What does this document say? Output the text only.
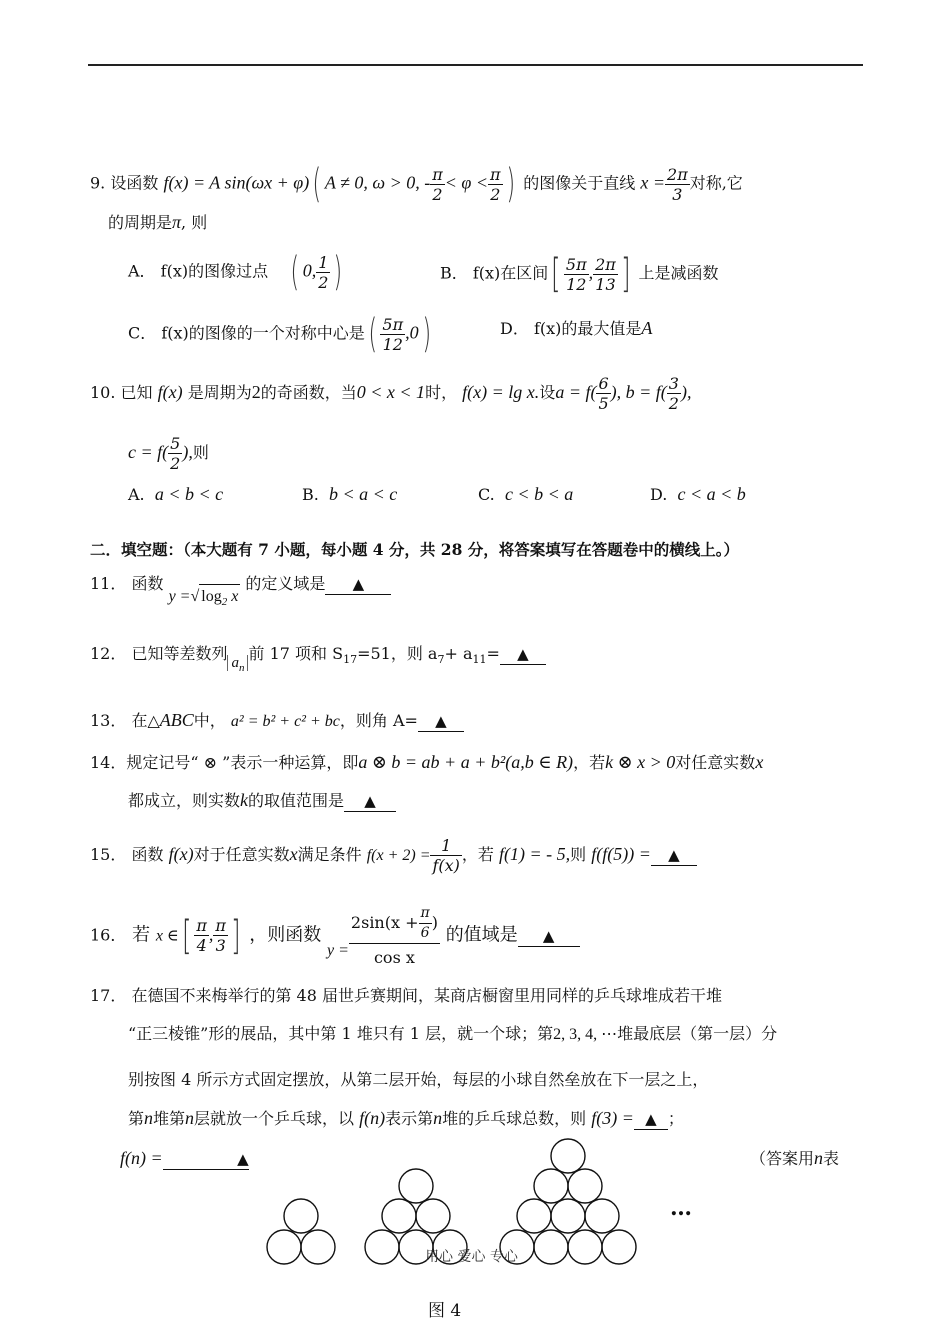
9. 设函数 f(x) = A sin(ωx + φ)( A ≠ 0, ω > 0, - $\frac{\pi}{2} < \varphi < \frac{\pi}{2}$ ) 的图像关于直线 $x = \frac{2\pi}{3}$ 对称,它
的周期是π, 则
A． f(x)的图像过点 ( 0, $\frac{1}{2}$ )	B． f(x)在区间[ $\frac{5\pi}{12}$ , $\frac{2\pi}{13}$ ] 上是减函数
C． f(x)的图像的一个对称中心是( $\frac{5\pi}{12} ,0$)	D． f(x)的最大值是A
10. 已知 f(x) 是周期为2的奇函数，当0 < x < 1时， f(x) = lg x.设$a = f( \frac{6}{5}$ ), $b = f( \frac{3}{2}$ ),
$c = f( \frac{5}{2}$ ),则
A. a < b < c	B. b < a < c	C. c < b < a	D. c < a < b
二．填空题：（本大题有 7 小题，每小题 4 分，共 28 分，将答案填写在答题卷中的横线上。）
11． 函数 y =√ $\log_2 x$ 的定义域是 ▲
12． 已知等差数列 $a_n$前 17 项和 $S_{17}=51$，则 $a_7+ a_{11}=$ ▲
13． 在△ABC中， a² = b² + c² + bc，则角 A= ▲
14．规定记号“ ⊗ ”表示一种运算，即a ⊗ b = ab + a + b²(a,b ∈ R)，若k ⊗ x > 0对任意实数x
都成立，则实数k的取值范围是 ▲
15． 函数 f(x)对于任意实数x满足条件 $f(x + 2) = \frac{1}{f(x)}$ ，若 f(1) = - 5,则 f(f(5)) = ▲
16． 若 x ∈[ $\frac{\pi}{4}$ , $\frac{\pi}{3}$ ] ，则函数 $y = \frac{2\sin(x + \frac{\pi}{6} )}{\text{cos x}}$ 的值域是 ▲
17． 在德国不来梅举行的第 48 届世乒赛期间，某商店橱窗里用同样的乒乓球堆成若干堆
“正三棱锥”形的展品，其中第 1 堆只有 1 层，就一个球；第2, 3, 4, ⋯堆最底层（第一层）分
别按图 4 所示方式固定摆放，从第二层开始，每层的小球自然垒放在下一层之上，
第n堆第n层就放一个乒乓球，以 f(n)表示第n堆的乒乓球总数，则 f(3) = ▲ ；
f(n) =	▲	（答案用n表
…
用心 爱心 专心
图 4
